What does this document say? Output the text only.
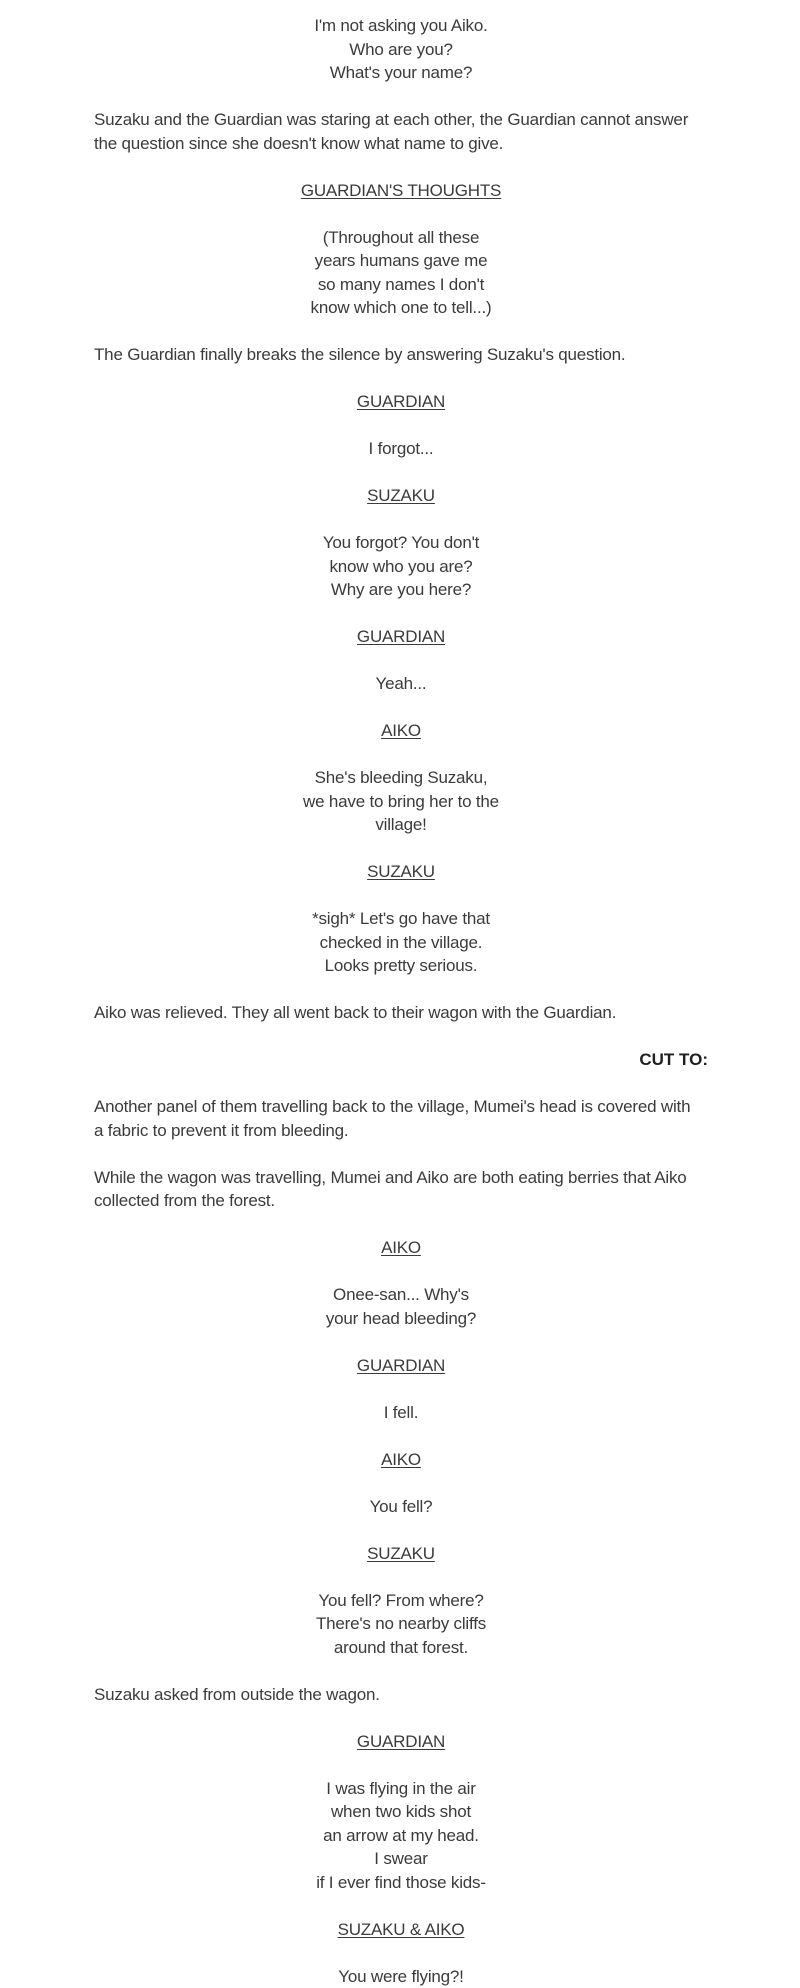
I'm not asking you Aiko.
Who are you?
What's your name?
Suzaku and the Guardian was staring at each other, the Guardian cannot answer
the question since she doesn't know what name to give.
GUARDIAN'S THOUGHTS
(Throughout all these
years humans gave me
so many names I don't
know which one to tell...)
The Guardian finally breaks the silence by answering Suzaku's question.
GUARDIAN
I forgot...
SUZAKU
You forgot? You don't
know who you are?
Why are you here?
GUARDIAN
Yeah...
AIKO
She's bleeding Suzaku,
we have to bring her to the
village!
SUZAKU
*sigh* Let's go have that
checked in the village.
Looks pretty serious.
Aiko was relieved. They all went back to their wagon with the Guardian.
CUT TO:
Another panel of them travelling back to the village, Mumei's head is covered with
a fabric to prevent it from bleeding.
While the wagon was travelling, Mumei and Aiko are both eating berries that Aiko
collected from the forest.
AIKO
Onee-san... Why's
your head bleeding?
GUARDIAN
I fell.
AIKO
You fell?
SUZAKU
You fell? From where?
There's no nearby cliffs
around that forest.
Suzaku asked from outside the wagon.
GUARDIAN
I was flying in the air
when two kids shot
an arrow at my head.
I swear
if I ever find those kids-
SUZAKU & AIKO
You were flying?!
